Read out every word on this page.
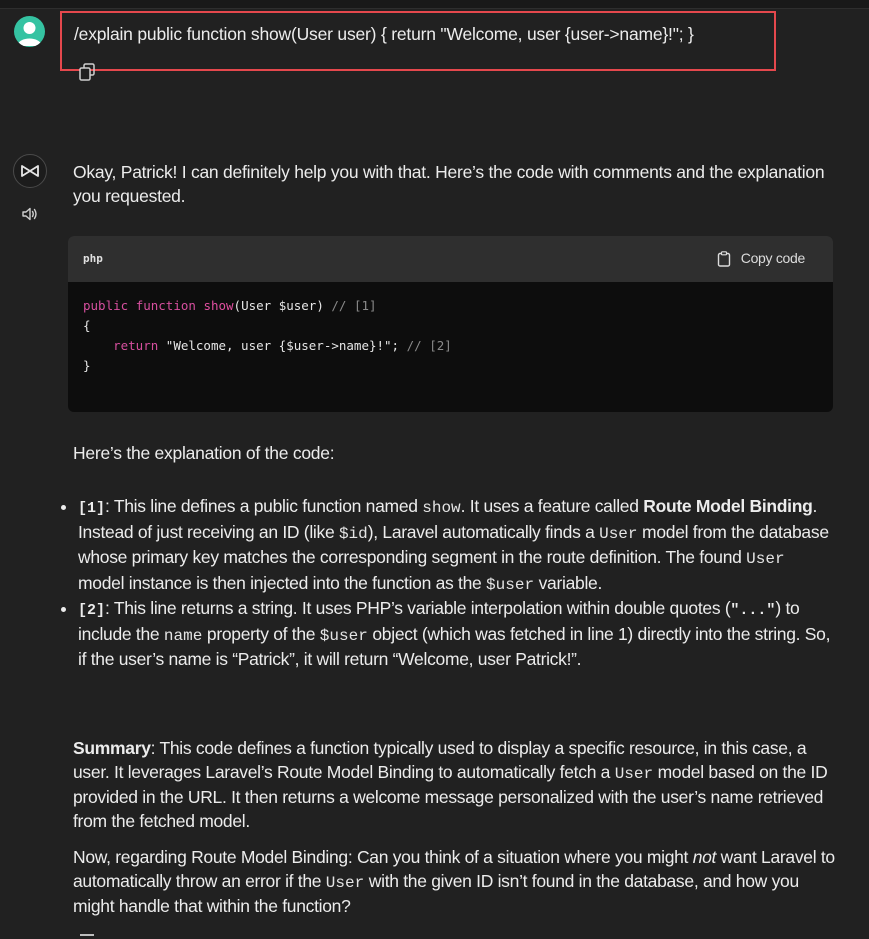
/explain public function show(User user) { return "Welcome, user {user->name}!"; }

Okay, Patrick! I can definitely help you with that. Here’s the code with comments and the explanation you requested.

php	Copy code
public function show(User $user) // [1]
{
return "Welcome, user {$user->name}!"; // [2]
}

Here’s the explanation of the code:

[1]: This line defines a public function named show. It uses a feature called Route Model Binding. Instead of just receiving an ID (like $id), Laravel automatically finds a User model from the database whose primary key matches the corresponding segment in the route definition. The found User model instance is then injected into the function as the $user variable.
[2]: This line returns a string. It uses PHP’s variable interpolation within double quotes ("...") to include the name property of the $user object (which was fetched in line 1) directly into the string. So, if the user’s name is “Patrick”, it will return “Welcome, user Patrick!”.

Summary: This code defines a function typically used to display a specific resource, in this case, a user. It leverages Laravel’s Route Model Binding to automatically fetch a User model based on the ID provided in the URL. It then returns a welcome message personalized with the user’s name retrieved from the fetched model.

Now, regarding Route Model Binding: Can you think of a situation where you might not want Laravel to automatically throw an error if the User with the given ID isn’t found in the database, and how you might handle that within the function?
